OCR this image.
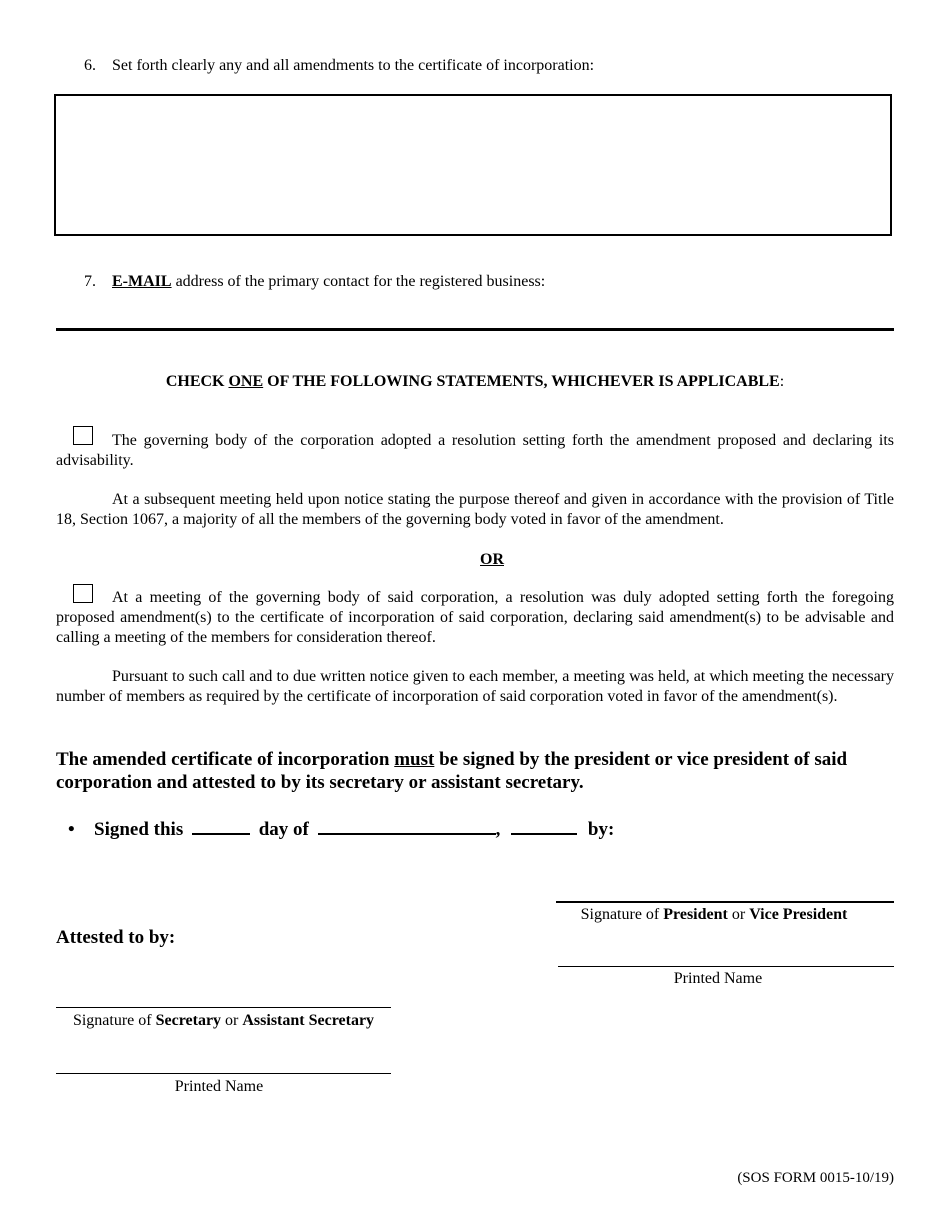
6. Set forth clearly any and all amendments to the certificate of incorporation:
7. E-MAIL address of the primary contact for the registered business:
CHECK ONE OF THE FOLLOWING STATEMENTS, WHICHEVER IS APPLICABLE:
The governing body of the corporation adopted a resolution setting forth the amendment proposed and declaring its advisability.
At a subsequent meeting held upon notice stating the purpose thereof and given in accordance with the provision of Title 18, Section 1067, a majority of all the members of the governing body voted in favor of the amendment.
OR
At a meeting of the governing body of said corporation, a resolution was duly adopted setting forth the foregoing proposed amendment(s) to the certificate of incorporation of said corporation, declaring said amendment(s) to be advisable and calling a meeting of the members for consideration thereof.
Pursuant to such call and to due written notice given to each member, a meeting was held, at which meeting the necessary number of members as required by the certificate of incorporation of said corporation voted in favor of the amendment(s).
The amended certificate of incorporation must be signed by the president or vice president of said corporation and attested to by its secretary or assistant secretary.
• Signed this	day of	,	by:
Signature of President or Vice President
Attested to by:
Printed Name
Signature of Secretary or Assistant Secretary
Printed Name
(SOS FORM 0015-10/19)
